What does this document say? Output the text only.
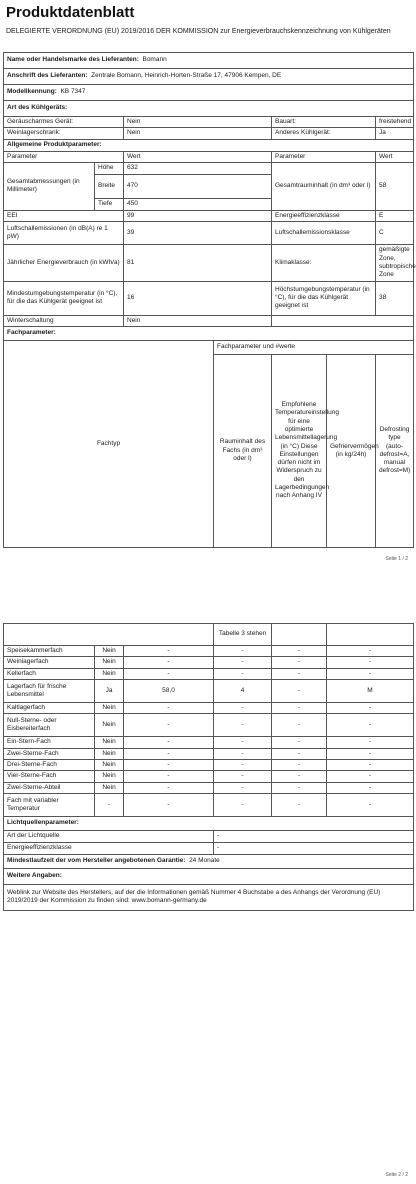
Produktdatenblatt
DELEGIERTE VERORDNUNG (EU) 2019/2016 DER KOMMISSION zur Energieverbrauchskennzeichnung von Kühlgeräten
Name oder Handelsmarke des Lieferanten: Bomann						
Anschrift des Lieferanten: Zentrale Bomann, Heinrich-Horten-Straße 17, 47906 Kempen, DE						
Modellkennung: KB 7347						
Art des Kühlgeräts:						
Geräuscharmes Gerät:		Nein		Bauart:		freistehend
Weinlagerschrank:		Nein		Anderes Kühlgerät:		Ja
Allgemeine Produktparameter:						
Parameter		Wert		Parameter		Wert
Gesamtabmessungen (in Millimeter)	Höhe	632		Gesamtrauminhalt (in dm³ oder l)		58
	Breite	470				
	Tiefe	450				
EEI		99		Energieeffizienzklasse		E
Luftschallemissionen (in dB(A) re 1 pW)		39		Luftschallemissionsklasse		C
Jährlicher Energieverbrauch (in kWh/a)		81		Klimaklasse:		gemäßigte Zone, subtropische Zone
Mindestumgebungstemperatur (in °C), für die das Kühlgerät geeignet ist		16		Höchstumgebungstemperatur (in °C), für die das Kühlgerät geeignet ist		38
Winterschaltung		Nein				
Fachparameter:						
Fachtyp			Fachparameter und #werte			
			Rauminhalt des Fachs (in dm³ oder l)	Empfohlene Temperatureinstellung für eine optimierte Lebensmittellagerung (in °C) Diese Einstellungen dürfen nicht im Widerspruch zu den Lagerbedingungen nach Anhang IV	Gefriervermögen (in kg/24h)	Defrosting type (auto-defrost=A, manual defrost=M)
Seite 1 / 2
			Tabelle 3 stehen		
Speisekammerfach	Nein	-	-	-	-
Weinlagerfach	Nein	-	-	-	-
Kellerfach	Nein	-	-	-	-
Lagerfach für frische Lebensmittel	Ja	58,0	4	-	M
Kaltlagerfach	Nein	-	-	-	-
Null-Sterne- oder Eisbereiterfach	Nein	-	-	-	-
Ein-Stern-Fach	Nein	-	-	-	-
Zwei-Sterne-Fach	Nein	-	-	-	-
Drei-Sterne-Fach	Nein	-	-	-	-
Vier-Sterne-Fach	Nein	-	-	-	-
Zwei-Sterne-Abteil	Nein	-	-	-	-
Fach mit variabler Temperatur	-	-	-	-	-
Lichtquellenparameter:					
Art der Lichtquelle			-		
Energieeffizienzklasse			-		
Mindestlaufzeit der vom Hersteller angebotenen Garantie: 24 Monate					
Weitere Angaben:					
Weblink zur Website des Herstellers, auf der die Informationen gemäß Nummer 4 Buchstabe a des Anhangs der Verordnung (EU) 2019/2019 der Kommission zu finden sind: www.bomann-germany.de					
Seite 2 / 2
